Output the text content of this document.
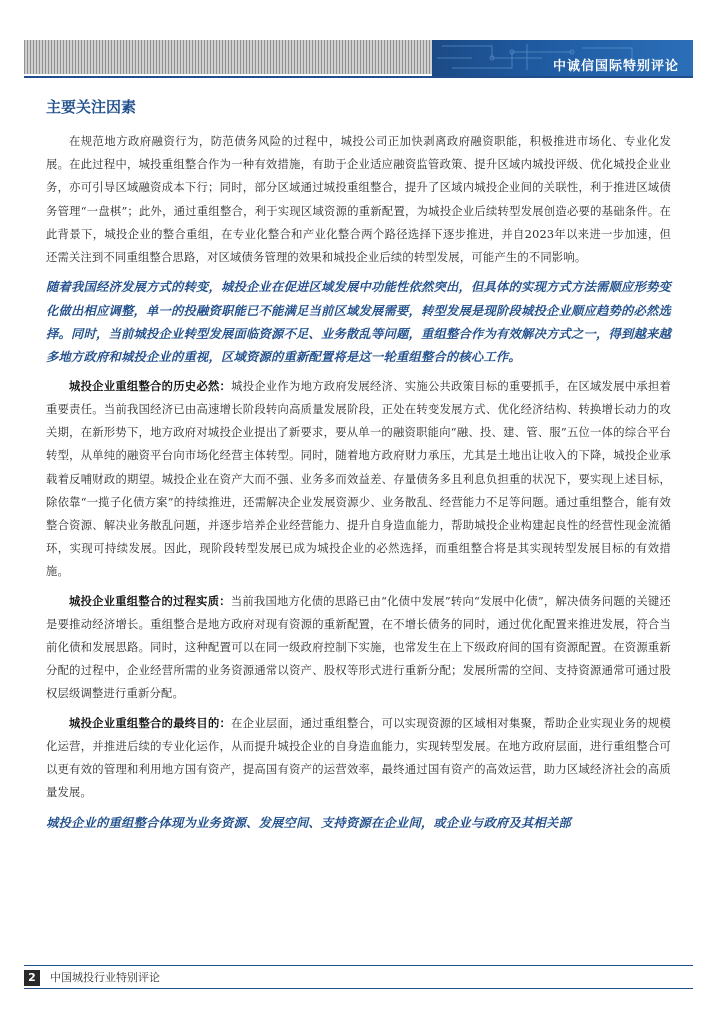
中诚信国际特别评论
主要关注因素

在规范地方政府融资行为，防范债务风险的过程中，城投公司正加快剥离政府融资职能，积极推进市场化、专业化发展。在此过程中，城投重组整合作为一种有效措施，有助于企业适应融资监管政策、提升区域内城投评级、优化城投企业业务，亦可引导区域融资成本下行；同时，部分区域通过城投重组整合，提升了区域内城投企业间的关联性，利于推进区域债务管理“一盘棋”；此外，通过重组整合，利于实现区域资源的重新配置，为城投企业后续转型发展创造必要的基础条件。在此背景下，城投企业的整合重组，在专业化整合和产业化整合两个路径选择下逐步推进，并自2023年以来进一步加速，但还需关注到不同重组整合思路，对区域债务管理的效果和城投企业后续的转型发展，可能产生的不同影响。

随着我国经济发展方式的转变，城投企业在促进区域发展中功能性依然突出，但具体的实现方式方法需顺应形势变化做出相应调整，单一的投融资职能已不能满足当前区域发展需要，转型发展是现阶段城投企业顺应趋势的必然选择。同时，当前城投企业转型发展面临资源不足、业务散乱等问题，重组整合作为有效解决方式之一，得到越来越多地方政府和城投企业的重视，区域资源的重新配置将是这一轮重组整合的核心工作。

城投企业重组整合的历史必然：城投企业作为地方政府发展经济、实施公共政策目标的重要抓手，在区域发展中承担着重要责任。当前我国经济已由高速增长阶段转向高质量发展阶段，正处在转变发展方式、优化经济结构、转换增长动力的攻关期，在新形势下，地方政府对城投企业提出了新要求，要从单一的融资职能向“融、投、建、管、服”五位一体的综合平台转型，从单纯的融资平台向市场化经营主体转型。同时，随着地方政府财力承压，尤其是土地出让收入的下降，城投企业承载着反哺财政的期望。城投企业在资产大而不强、业务多而效益差、存量债务多且利息负担重的状况下，要实现上述目标，除依靠“一揽子化债方案”的持续推进，还需解决企业发展资源少、业务散乱、经营能力不足等问题。通过重组整合，能有效整合资源、解决业务散乱问题，并逐步培养企业经营能力、提升自身造血能力，帮助城投企业构建起良性的经营性现金流循环，实现可持续发展。因此，现阶段转型发展已成为城投企业的必然选择，而重组整合将是其实现转型发展目标的有效措施。

城投企业重组整合的过程实质：当前我国地方化债的思路已由“化债中发展”转向“发展中化债”，解决债务问题的关键还是要推动经济增长。重组整合是地方政府对现有资源的重新配置，在不增长债务的同时，通过优化配置来推进发展，符合当前化债和发展思路。同时，这种配置可以在同一级政府控制下实施，也常发生在上下级政府间的国有资源配置。在资源重新分配的过程中，企业经营所需的业务资源通常以资产、股权等形式进行重新分配；发展所需的空间、支持资源通常可通过股权层级调整进行重新分配。

城投企业重组整合的最终目的：在企业层面，通过重组整合，可以实现资源的区域相对集聚，帮助企业实现业务的规模化运营，并推进后续的专业化运作，从而提升城投企业的自身造血能力，实现转型发展。在地方政府层面，进行重组整合可以更有效的管理和利用地方国有资产，提高国有资产的运营效率，最终通过国有资产的高效运营，助力区域经济社会的高质量发展。

城投企业的重组整合体现为业务资源、发展空间、支持资源在企业间，或企业与政府及其相关部

2	中国城投行业特别评论
